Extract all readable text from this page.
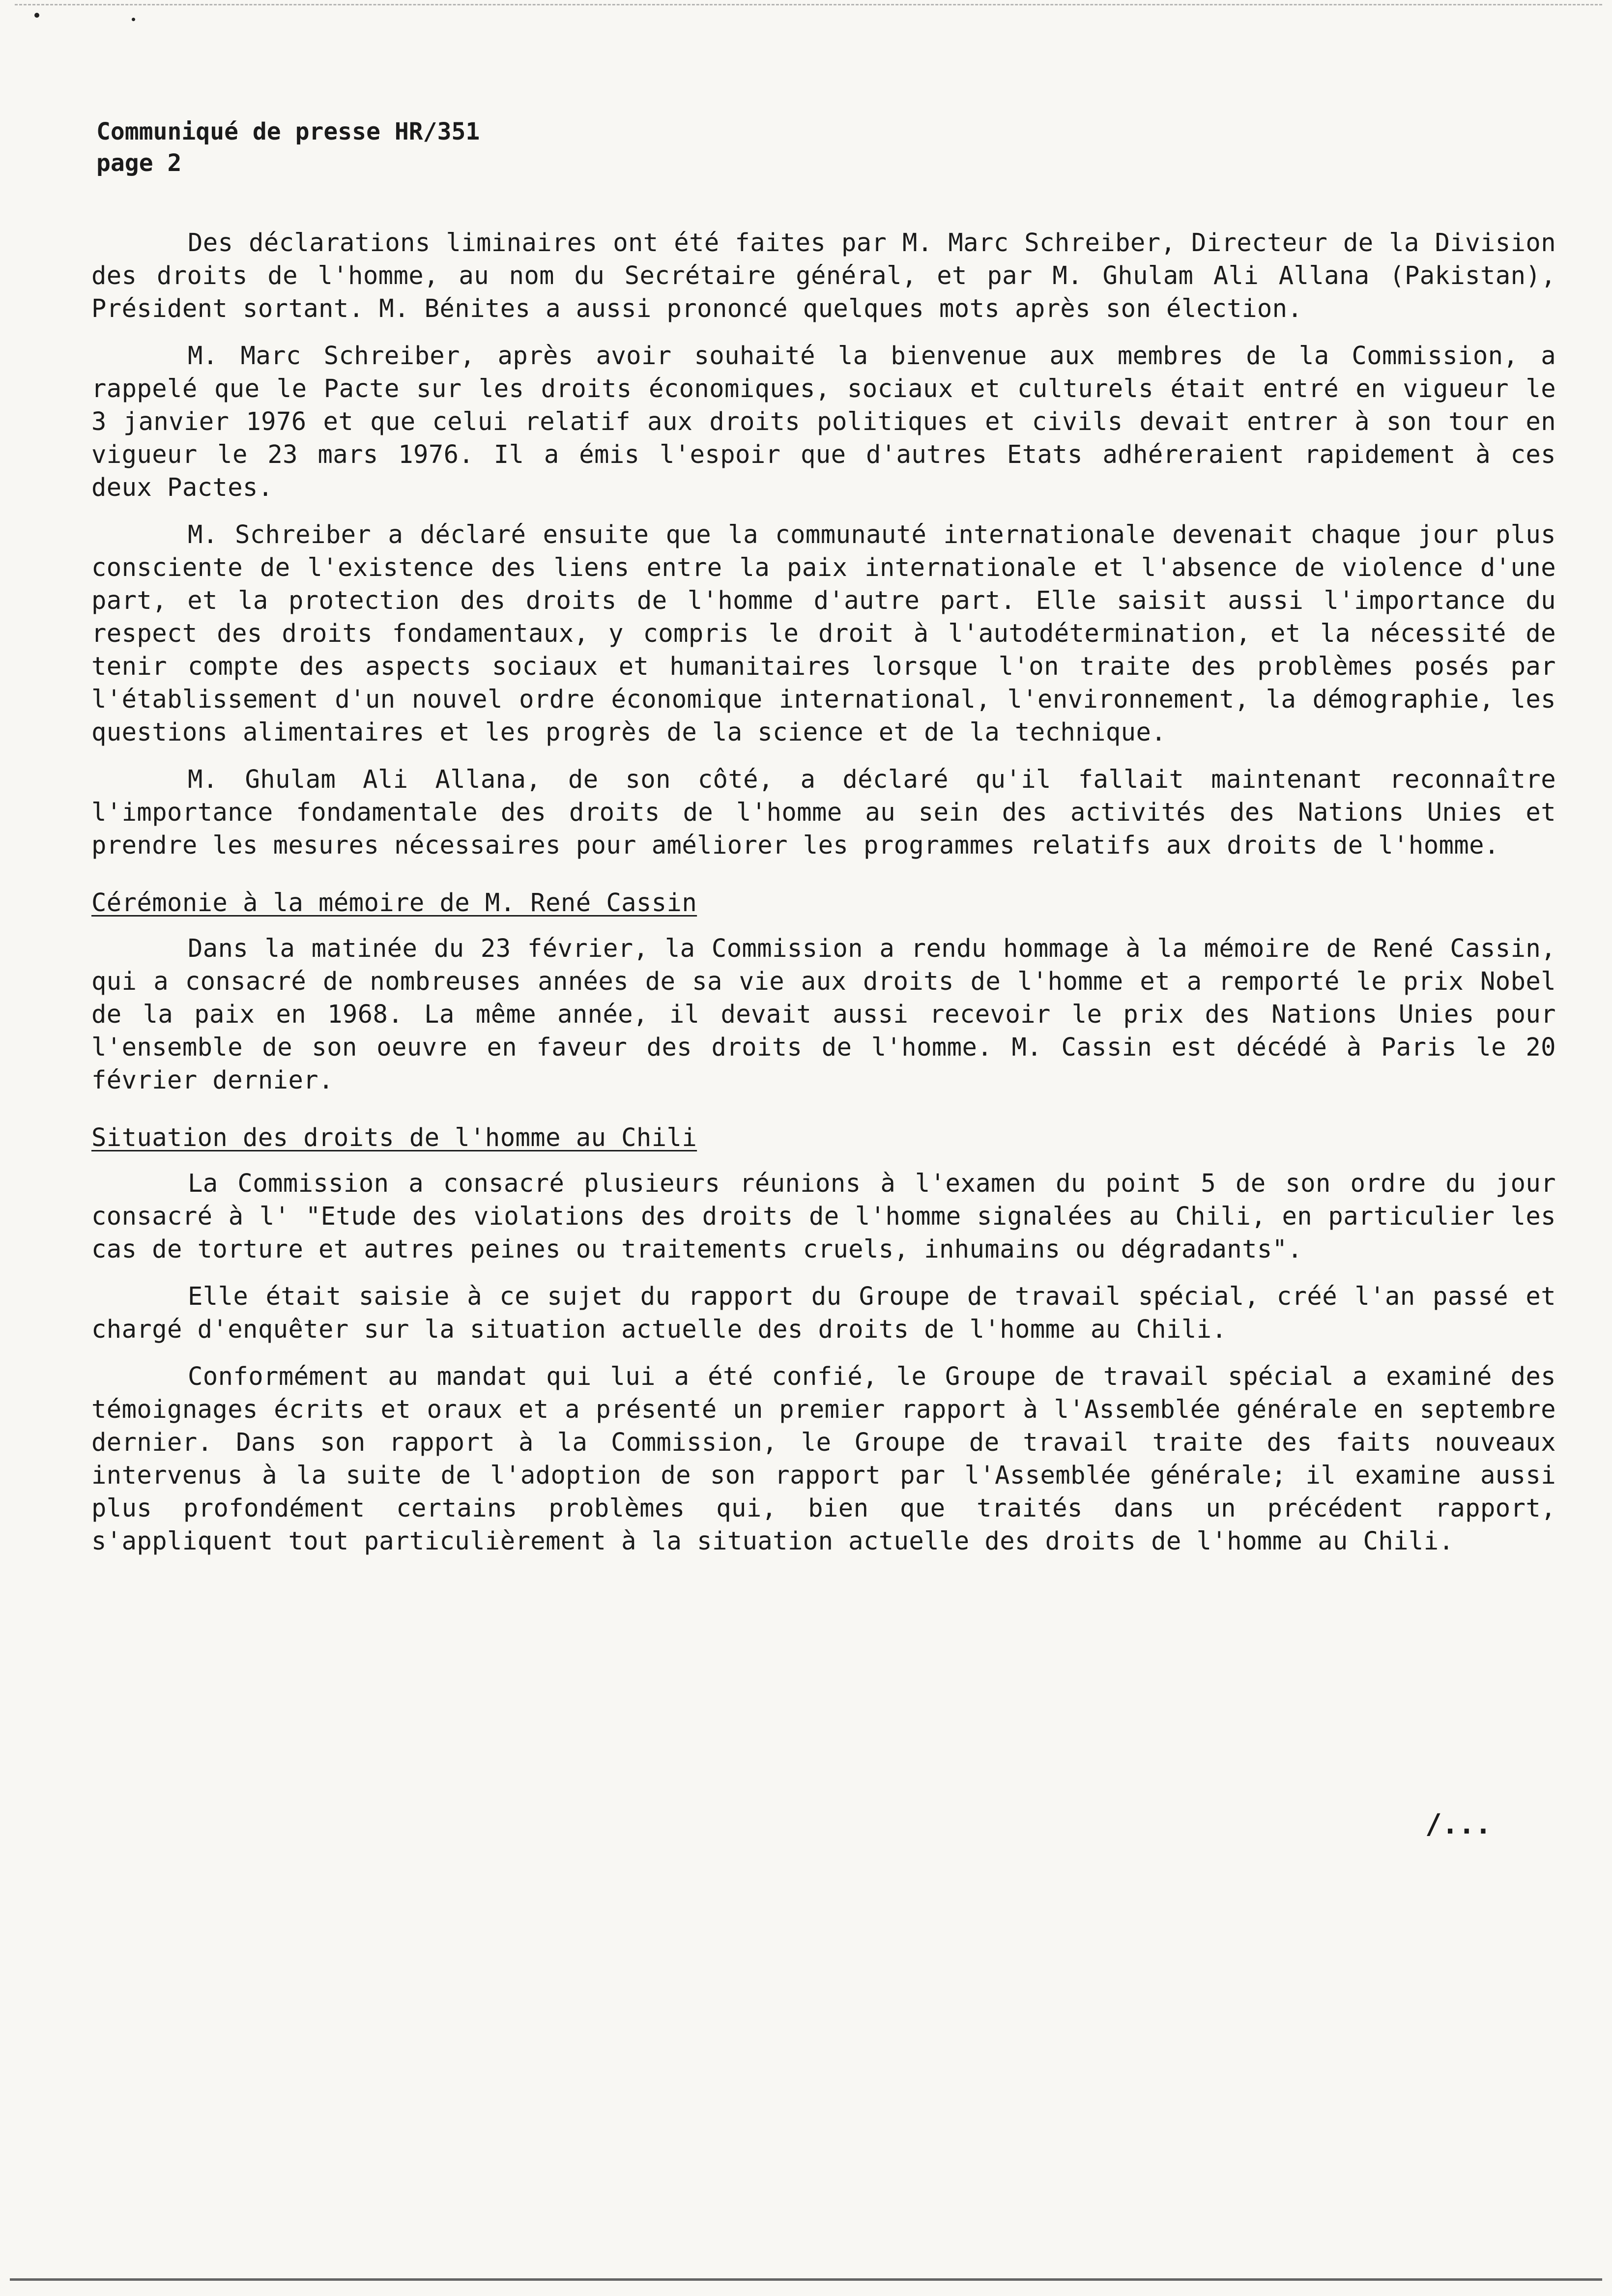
Communiqué de presse HR/351
page 2

Des déclarations liminaires ont été faites par M. Marc Schreiber, Directeur de la Division des droits de l'homme, au nom du Secrétaire général, et par M. Ghulam Ali Allana (Pakistan), Président sortant. M. Bénites a aussi prononcé quelques mots après son élection.

M. Marc Schreiber, après avoir souhaité la bienvenue aux membres de la Commission, a rappelé que le Pacte sur les droits économiques, sociaux et culturels était entré en vigueur le 3 janvier 1976 et que celui relatif aux droits politiques et civils devait entrer à son tour en vigueur le 23 mars 1976. Il a émis l'espoir que d'autres Etats adhéreraient rapidement à ces deux Pactes.

M. Schreiber a déclaré ensuite que la communauté internationale devenait chaque jour plus consciente de l'existence des liens entre la paix internationale et l'absence de violence d'une part, et la protection des droits de l'homme d'autre part. Elle saisit aussi l'importance du respect des droits fondamentaux, y compris le droit à l'autodétermination, et la nécessité de tenir compte des aspects sociaux et humanitaires lorsque l'on traite des problèmes posés par l'établissement d'un nouvel ordre économique international, l'environnement, la démographie, les questions alimentaires et les progrès de la science et de la technique.

M. Ghulam Ali Allana, de son côté, a déclaré qu'il fallait maintenant reconnaître l'importance fondamentale des droits de l'homme au sein des activités des Nations Unies et prendre les mesures nécessaires pour améliorer les programmes relatifs aux droits de l'homme.

Cérémonie à la mémoire de M. René Cassin

Dans la matinée du 23 février, la Commission a rendu hommage à la mémoire de René Cassin, qui a consacré de nombreuses années de sa vie aux droits de l'homme et a remporté le prix Nobel de la paix en 1968. La même année, il devait aussi recevoir le prix des Nations Unies pour l'ensemble de son oeuvre en faveur des droits de l'homme. M. Cassin est décédé à Paris le 20 février dernier.

Situation des droits de l'homme au Chili

La Commission a consacré plusieurs réunions à l'examen du point 5 de son ordre du jour consacré à l' "Etude des violations des droits de l'homme signalées au Chili, en particulier les cas de torture et autres peines ou traitements cruels, inhumains ou dégradants".

Elle était saisie à ce sujet du rapport du Groupe de travail spécial, créé l'an passé et chargé d'enquêter sur la situation actuelle des droits de l'homme au Chili.

Conformément au mandat qui lui a été confié, le Groupe de travail spécial a examiné des témoignages écrits et oraux et a présenté un premier rapport à l'Assemblée générale en septembre dernier. Dans son rapport à la Commission, le Groupe de travail traite des faits nouveaux intervenus à la suite de l'adoption de son rapport par l'Assemblée générale; il examine aussi plus profondément certains problèmes qui, bien que traités dans un précédent rapport, s'appliquent tout particulièrement à la situation actuelle des droits de l'homme au Chili.

/...
